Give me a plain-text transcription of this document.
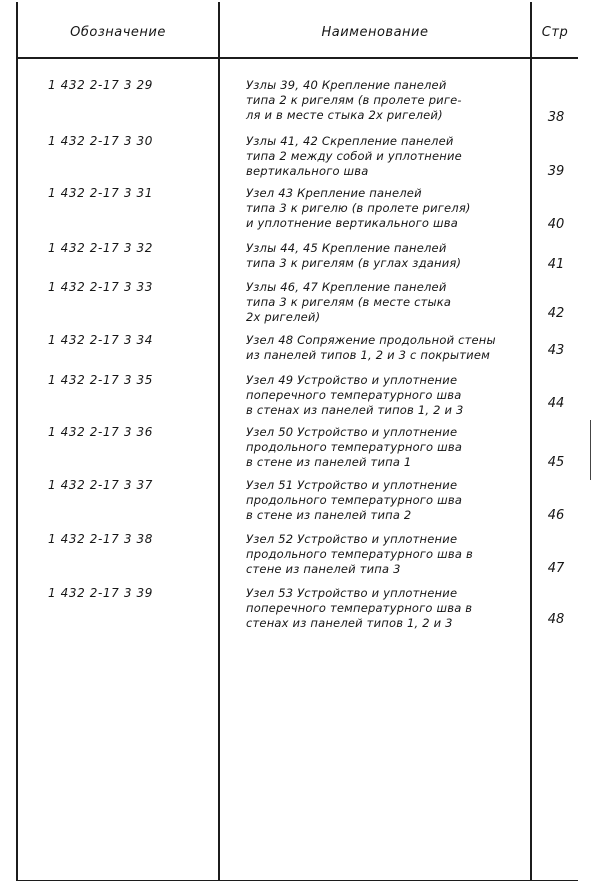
Обозначение	Наименование	Стр
1 432 2-17 3 29	Узлы 39, 40 Крепление панелей
типа 2 к ригелям (в пролете риге-
ля и в месте стыка 2х ригелей)	38
1 432 2-17 3 30	Узлы 41, 42 Скрепление панелей
типа 2 между собой и уплотнение
вертикального шва	39
1 432 2-17 3 31	Узел 43 Крепление панелей
типа 3 к ригелю (в пролете ригеля)
и уплотнение вертикального шва	40
1 432 2-17 3 32	Узлы 44, 45 Крепление панелей
типа 3 к ригелям (в углах здания)	41
1 432 2-17 3 33	Узлы 46, 47 Крепление панелей
типа 3 к ригелям (в месте стыка
2х ригелей)	42
1 432 2-17 3 34	Узел 48 Сопряжение продольной стены
из панелей типов 1, 2 и 3 с покрытием	43
1 432 2-17 3 35	Узел 49 Устройство и уплотнение
поперечного температурного шва
в стенах из панелей типов 1, 2 и 3	44
1 432 2-17 3 36	Узел 50 Устройство и уплотнение
продольного температурного шва
в стене из панелей типа 1	45
1 432 2-17 3 37	Узел 51 Устройство и уплотнение
продольного температурного шва
в стене из панелей типа 2	46
1 432 2-17 3 38	Узел 52 Устройство и уплотнение
продольного температурного шва в
стене из панелей типа 3	47
1 432 2-17 3 39	Узел 53 Устройство и уплотнение
поперечного температурного шва в
стенах из панелей типов 1, 2 и 3	48
